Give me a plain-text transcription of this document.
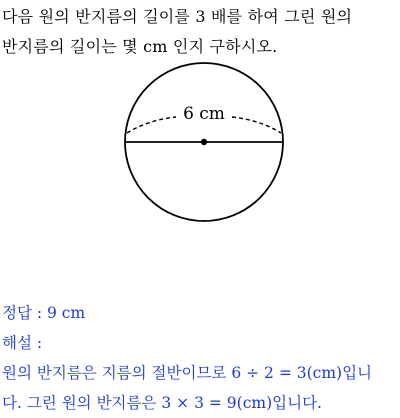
다음 원의 반지름의 길이를 3 배를 하여 그린 원의
반지름의 길이는 몇 cm 인지 구하시오.
6 cm
정답 : 9 cm
해설 :
원의 반지름은 지름의 절반이므로 6 ÷ 2 = 3(cm)입니
다. 그린 원의 반지름은 3 × 3 = 9(cm)입니다.
